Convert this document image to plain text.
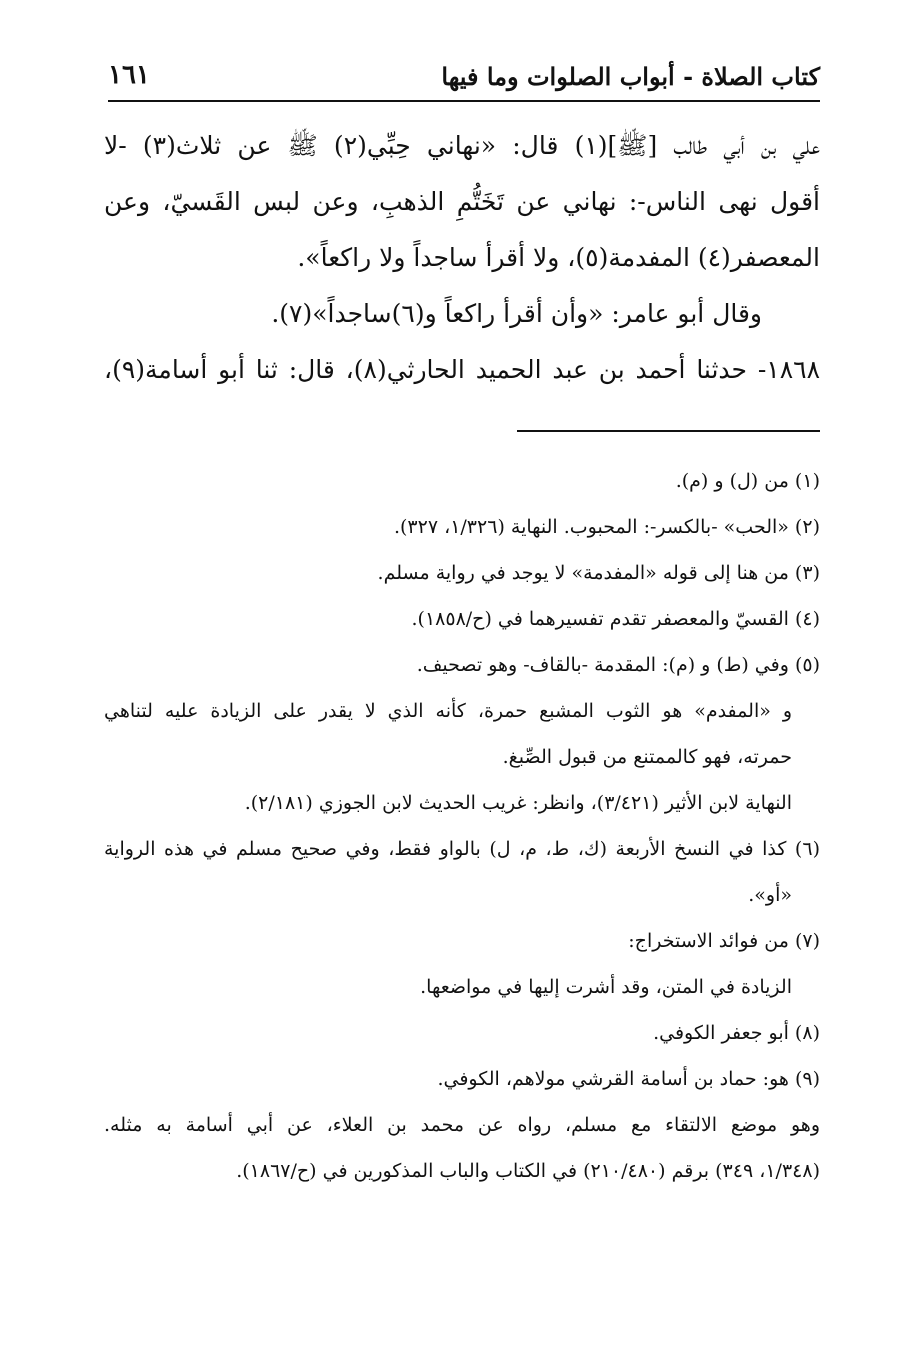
كتاب الصلاة - أبواب الصلوات وما فيها
١٦١
علي بن أبي طالب [ﷺ](١) قال: «نهاني حِبِّي(٢) ﷺ عن ثلاث(٣) -لا
أقول نهى الناس-: نهاني عن تَخَتُّمِ الذهبِ، وعن لبس القَسيّ، وعن
المعصفر(٤) المفدمة(٥)، ولا أقرأ ساجداً ولا راكعاً».
وقال أبو عامر: «وأن أقرأ راكعاً و(٦)ساجداً»(٧).
١٨٦٨- حدثنا أحمد بن عبد الحميد الحارثي(٨)، قال: ثنا أبو أسامة(٩)،
(١) من (ل) و (م).
(٢) «الحب» -بالكسر-: المحبوب. النهاية (١/٣٢٦، ٣٢٧).
(٣) من هنا إلى قوله «المفدمة» لا يوجد في رواية مسلم.
(٤) القسيّ والمعصفر تقدم تفسيرهما في (ح/١٨٥٨).
(٥) وفي (ط) و (م): المقدمة -بالقاف- وهو تصحيف.
و «المفدم» هو الثوب المشبع حمرة، كأنه الذي لا يقدر على الزيادة عليه لتناهي
حمرته، فهو كالممتنع من قبول الصِّبغ.
النهاية لابن الأثير (٣/٤٢١)، وانظر: غريب الحديث لابن الجوزي (٢/١٨١).
(٦) كذا في النسخ الأربعة (ك، ط، م، ل) بالواو فقط، وفي صحيح مسلم في هذه الرواية
«أو».
(٧) من فوائد الاستخراج:
الزيادة في المتن، وقد أشرت إليها في مواضعها.
(٨) أبو جعفر الكوفي.
(٩) هو: حماد بن أسامة القرشي مولاهم، الكوفي.
وهو موضع الالتقاء مع مسلم، رواه عن محمد بن العلاء، عن أبي أسامة به مثله.
(١/٣٤٨، ٣٤٩) برقم (٢١٠/٤٨٠) في الكتاب والباب المذكورين في (ح/١٨٦٧).
